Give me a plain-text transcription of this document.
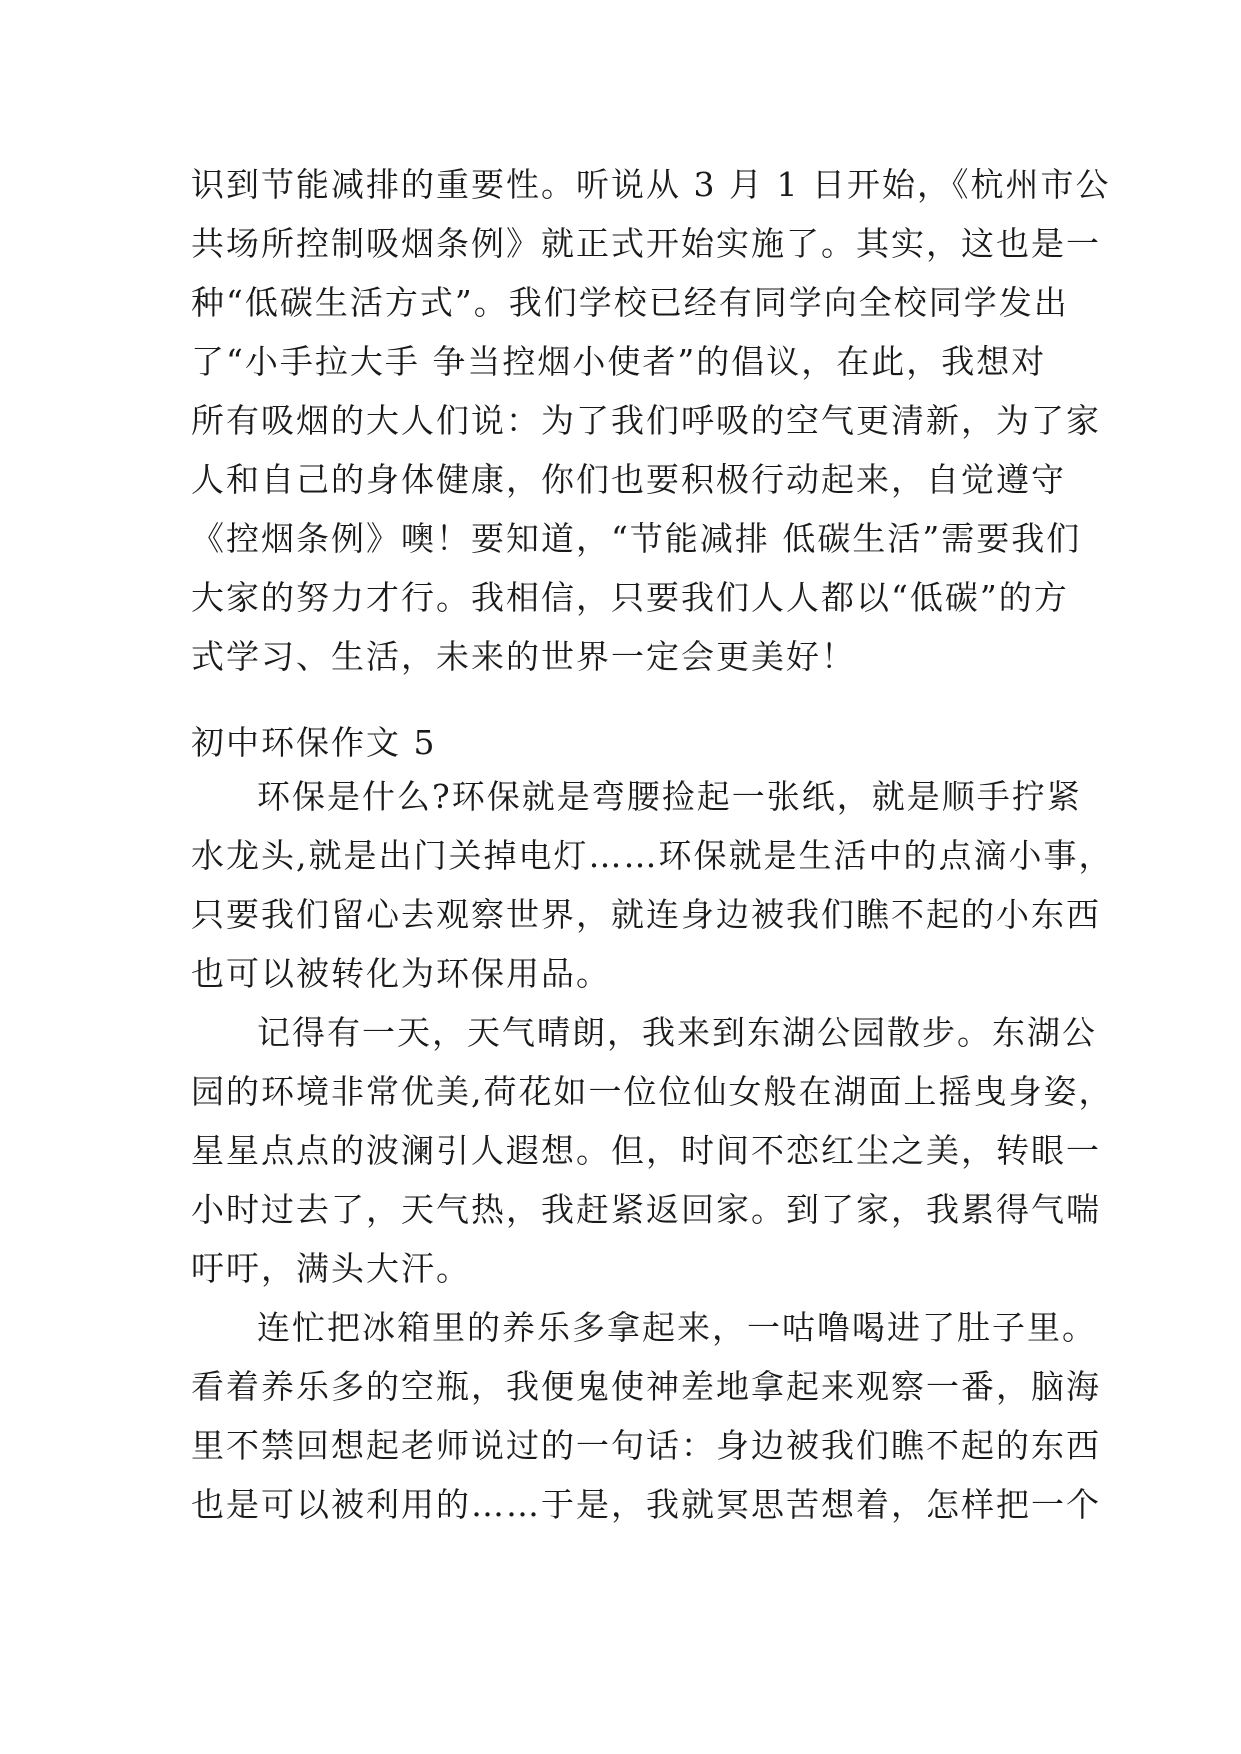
识到节能减排的重要性。听说从 3 月 1 日开始，《杭州市公
共场所控制吸烟条例》就正式开始实施了。其实，这也是一
种“低碳生活方式”。我们学校已经有同学向全校同学发出
了“小手拉大手 争当控烟小使者”的倡议，在此，我想对
所有吸烟的大人们说：为了我们呼吸的空气更清新，为了家
人和自己的身体健康，你们也要积极行动起来，自觉遵守
《控烟条例》噢！要知道，“节能减排 低碳生活”需要我们
大家的努力才行。我相信，只要我们人人都以“低碳”的方
式学习、生活，未来的世界一定会更美好！
初中环保作文 5
环保是什么?环保就是弯腰捡起一张纸，就是顺手拧紧
水龙头,就是出门关掉电灯……环保就是生活中的点滴小事，
只要我们留心去观察世界，就连身边被我们瞧不起的小东西
也可以被转化为环保用品。
记得有一天，天气晴朗，我来到东湖公园散步。东湖公
园的环境非常优美,荷花如一位位仙女般在湖面上摇曳身姿，
星星点点的波澜引人遐想。但，时间不恋红尘之美，转眼一
小时过去了，天气热，我赶紧返回家。到了家，我累得气喘
吁吁，满头大汗。
连忙把冰箱里的养乐多拿起来，一咕噜喝进了肚子里。
看着养乐多的空瓶，我便鬼使神差地拿起来观察一番，脑海
里不禁回想起老师说过的一句话：身边被我们瞧不起的东西
也是可以被利用的……于是，我就冥思苦想着，怎样把一个
